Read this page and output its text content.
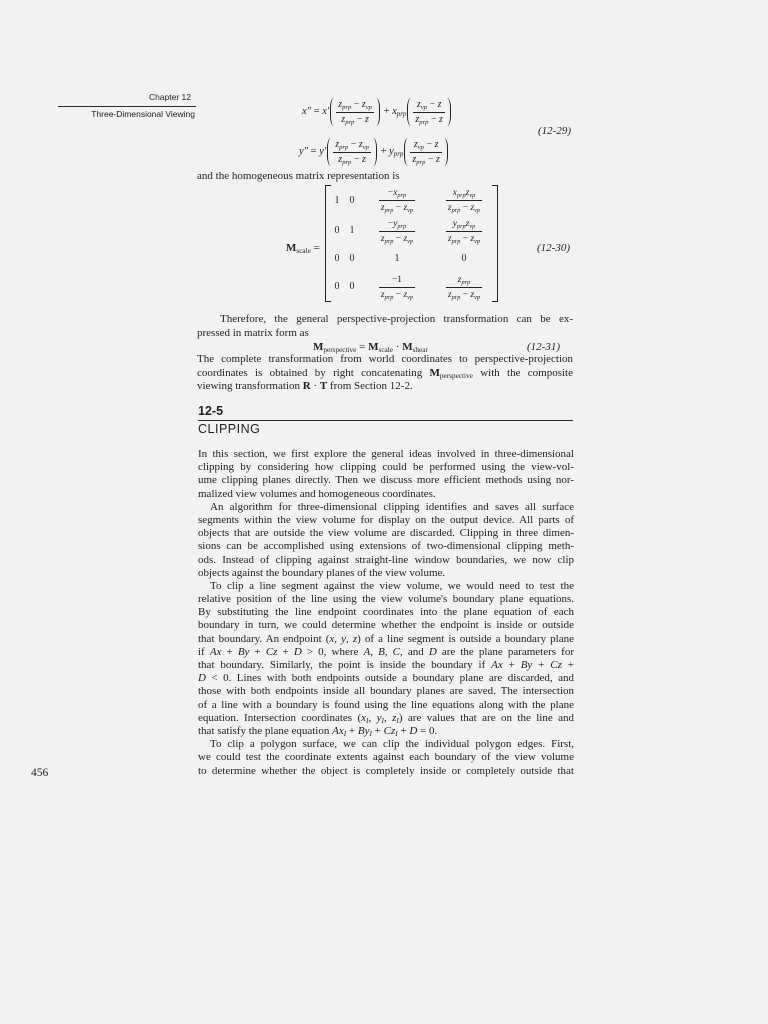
Chapter 12
Three-Dimensional Viewing	$x'' = x' \frac{\text{zprp − zvp}}{\text{zprp − z}}$ + xprp $\frac{\text{zvp − z}}{\text{zprp − z}}$
$y'' = y' \frac{\text{zprp − zvp}}{\text{zprp − z}}$ + yprp $\frac{\text{zvp − z}}{\text{zprp − z}}$
(12-29)
and the homogeneous matrix representation is
Mscale =
1 0	$\frac{\text{−xprp}}{\text{zprp − zvp}}$	$\frac{\text{xprpzvp}}{\text{zprp − zvp}}$
0 1	$\frac{\text{−yprp}}{\text{zprp − zvp}}$	$\frac{\text{yprpzvp}}{\text{zprp − zvp}}$
0 0	1	0
0 0	$\frac{-1}{\text{zprp − zvp}}$	$\frac{\text{zprp}}{\text{zprp − zvp}}$
(12-30)
Therefore, the general perspective-projection transformation can be ex-
pressed in matrix form as
Mperspective = Mscale · Mshear	(12-31)
The complete transformation from world coordinates to perspective-projection
coordinates is obtained by right concatenating Mperspective with the composite
viewing transformation R · T from Section 12-2.
12-5
CLIPPING
In this section, we first explore the general ideas involved in three-dimensional
clipping by considering how clipping could be performed using the view-vol-
ume clipping planes directly. Then we discuss more efficient methods using nor-
malized view volumes and homogeneous coordinates.
An algorithm for three-dimensional clipping identifies and saves all surface
segments within the view volume for display on the output device. All parts of
objects that are outside the view volume are discarded. Clipping in three dimen-
sions can be accomplished using extensions of two-dimensional clipping meth-
ods. Instead of clipping against straight-line window boundaries, we now clip
objects against the boundary planes of the view volume.
To clip a line segment against the view volume, we would need to test the
relative position of the line using the view volume's boundary plane equations.
By substituting the line endpoint coordinates into the plane equation of each
boundary in turn, we could determine whether the endpoint is inside or outside
that boundary. An endpoint (x, y, z) of a line segment is outside a boundary plane
if Ax + By + Cz + D > 0, where A, B, C, and D are the plane parameters for
that boundary. Similarly, the point is inside the boundary if Ax + By + Cz +
D < 0. Lines with both endpoints outside a boundary plane are discarded, and
those with both endpoints inside all boundary planes are saved. The intersection
of a line with a boundary is found using the line equations along with the plane
equation. Intersection coordinates (xI, yI, zI) are values that are on the line and
that satisfy the plane equation AxI + ByI + CzI + D = 0.
To clip a polygon surface, we can clip the individual polygon edges. First,
we could test the coordinate extents against each boundary of the view volume
to determine whether the object is completely inside or completely outside that
456
